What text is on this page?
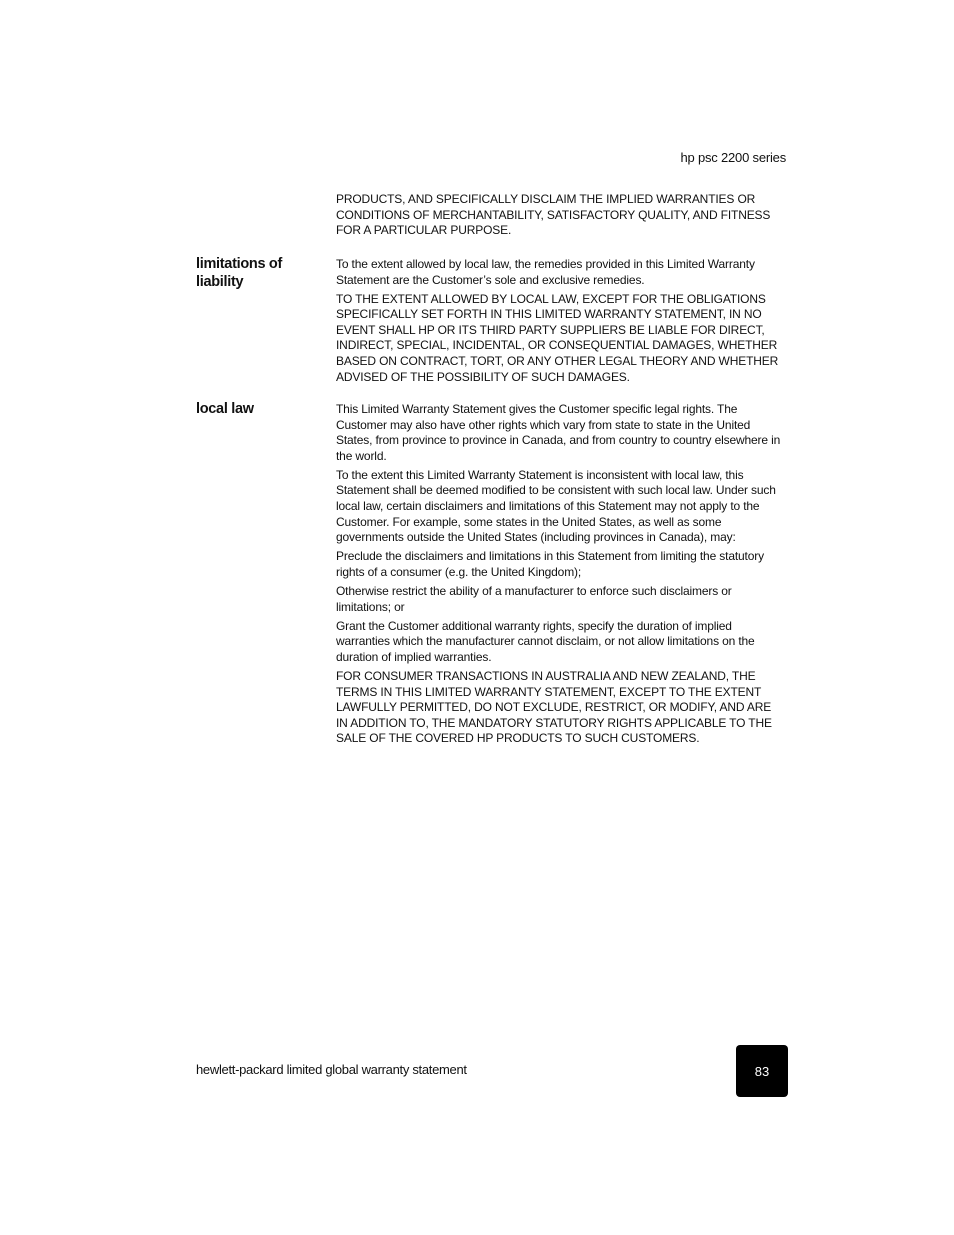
hp psc 2200 series

PRODUCTS, AND SPECIFICALLY DISCLAIM THE IMPLIED WARRANTIES OR CONDITIONS OF MERCHANTABILITY, SATISFACTORY QUALITY, AND FITNESS FOR A PARTICULAR PURPOSE.

limitations of liability

To the extent allowed by local law, the remedies provided in this Limited Warranty Statement are the Customer’s sole and exclusive remedies.

TO THE EXTENT ALLOWED BY LOCAL LAW, EXCEPT FOR THE OBLIGATIONS SPECIFICALLY SET FORTH IN THIS LIMITED WARRANTY STATEMENT, IN NO EVENT SHALL HP OR ITS THIRD PARTY SUPPLIERS BE LIABLE FOR DIRECT, INDIRECT, SPECIAL, INCIDENTAL, OR CONSEQUENTIAL DAMAGES, WHETHER BASED ON CONTRACT, TORT, OR ANY OTHER LEGAL THEORY AND WHETHER ADVISED OF THE POSSIBILITY OF SUCH DAMAGES.

local law	This Limited Warranty Statement gives the Customer specific legal rights. The Customer may also have other rights which vary from state to state in the United States, from province to province in Canada, and from country to country elsewhere in the world.

To the extent this Limited Warranty Statement is inconsistent with local law, this Statement shall be deemed modified to be consistent with such local law. Under such local law, certain disclaimers and limitations of this Statement may not apply to the Customer. For example, some states in the United States, as well as some governments outside the United States (including provinces in Canada), may:

Preclude the disclaimers and limitations in this Statement from limiting the statutory rights of a consumer (e.g. the United Kingdom);

Otherwise restrict the ability of a manufacturer to enforce such disclaimers or limitations; or

Grant the Customer additional warranty rights, specify the duration of implied warranties which the manufacturer cannot disclaim, or not allow limitations on the duration of implied warranties.

FOR CONSUMER TRANSACTIONS IN AUSTRALIA AND NEW ZEALAND, THE TERMS IN THIS LIMITED WARRANTY STATEMENT, EXCEPT TO THE EXTENT LAWFULLY PERMITTED, DO NOT EXCLUDE, RESTRICT, OR MODIFY, AND ARE IN ADDITION TO, THE MANDATORY STATUTORY RIGHTS APPLICABLE TO THE SALE OF THE COVERED HP PRODUCTS TO SUCH CUSTOMERS.

hewlett-packard limited global warranty statement	83
